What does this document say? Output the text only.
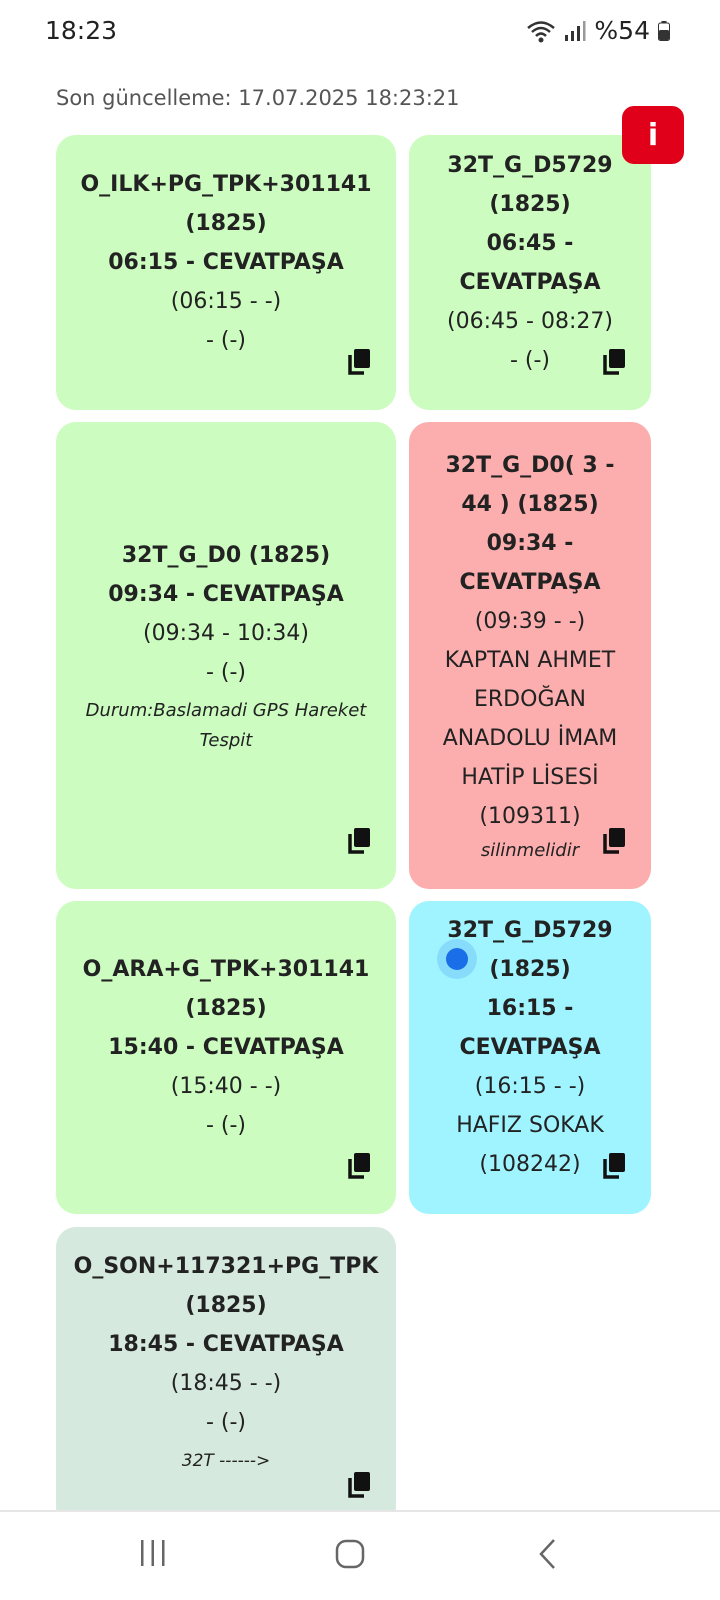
18:23	%54
Son güncelleme: 17.07.2025 18:23:21
i
O_ILK+PG_TPK+301141
(1825)
06:15 - CEVATPAŞA
(06:15 - -)
- (-)
32T_G_D5729
(1825)
06:45 -
CEVATPAŞA
(06:45 - 08:27)
- (-)
32T_G_D0 (1825)
09:34 - CEVATPAŞA
(09:34 - 10:34)
- (-)
Durum:Baslamadi GPS Hareket Tespit
32T_G_D0( 3 -
44 ) (1825)
09:34 -
CEVATPAŞA
(09:39 - -)
KAPTAN AHMET
ERDOĞAN
ANADOLU İMAM
HATİP LİSESİ
(109311)
silinmelidir
O_ARA+G_TPK+301141
(1825)
15:40 - CEVATPAŞA
(15:40 - -)
- (-)
32T_G_D5729
(1825)
16:15 -
CEVATPAŞA
(16:15 - -)
HAFIZ SOKAK
(108242)
O_SON+117321+PG_TPK
(1825)
18:45 - CEVATPAŞA
(18:45 - -)
- (-)
32T ------>
